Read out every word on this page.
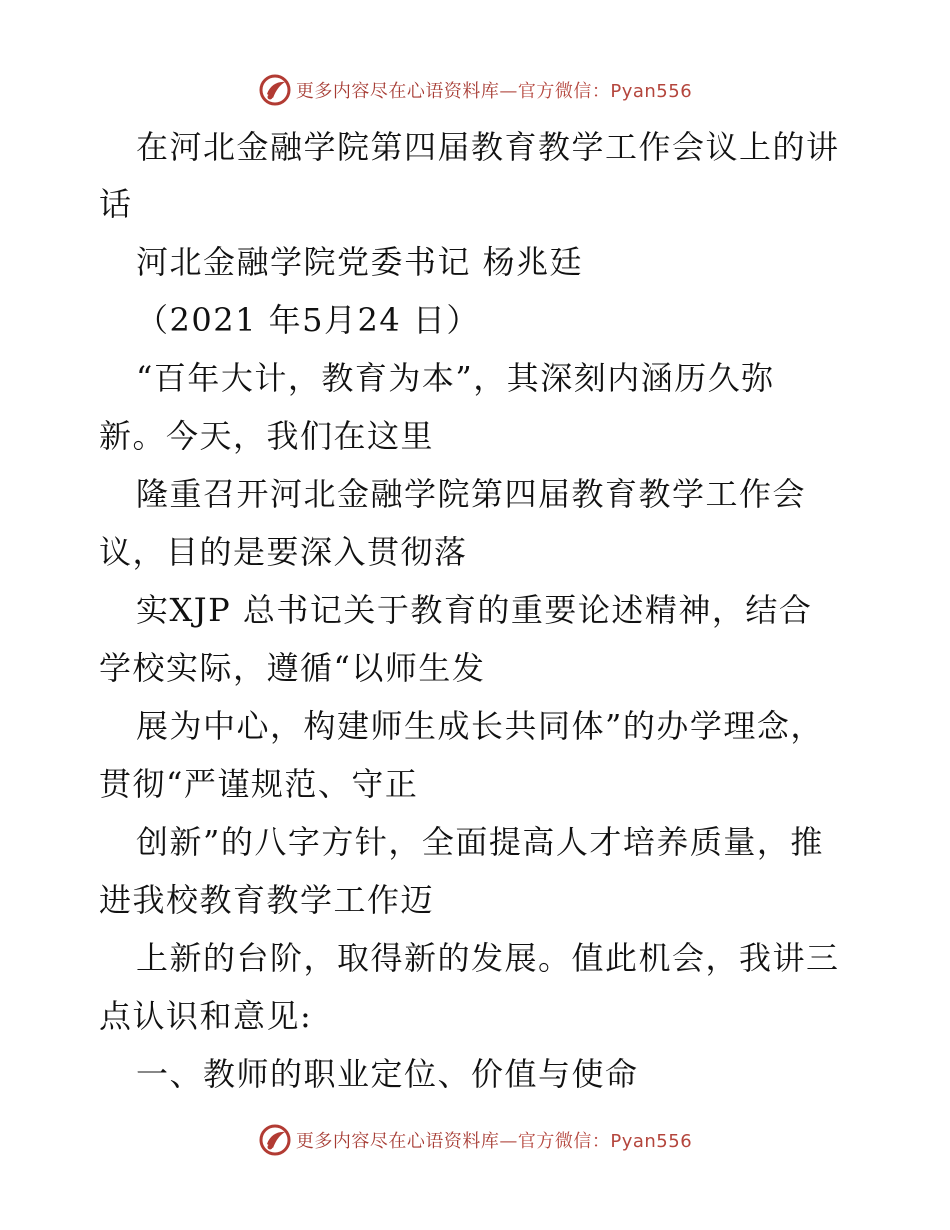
更多内容尽在心语资料库—官方微信：Pyan556
在河北金融学院第四届教育教学工作会议上的讲
话
河北金融学院党委书记 杨兆廷
（2021 年5月24 日）
“百年大计，教育为本”，其深刻内涵历久弥
新。今天，我们在这里
隆重召开河北金融学院第四届教育教学工作会
议，目的是要深入贯彻落
实XJP 总书记关于教育的重要论述精神，结合
学校实际，遵循“以师生发
展为中心，构建师生成长共同体”的办学理念，
贯彻“严谨规范、守正
创新”的八字方针，全面提高人才培养质量，推
进我校教育教学工作迈
上新的台阶，取得新的发展。值此机会，我讲三
点认识和意见:
一、教师的职业定位、价值与使命
更多内容尽在心语资料库—官方微信：Pyan556
